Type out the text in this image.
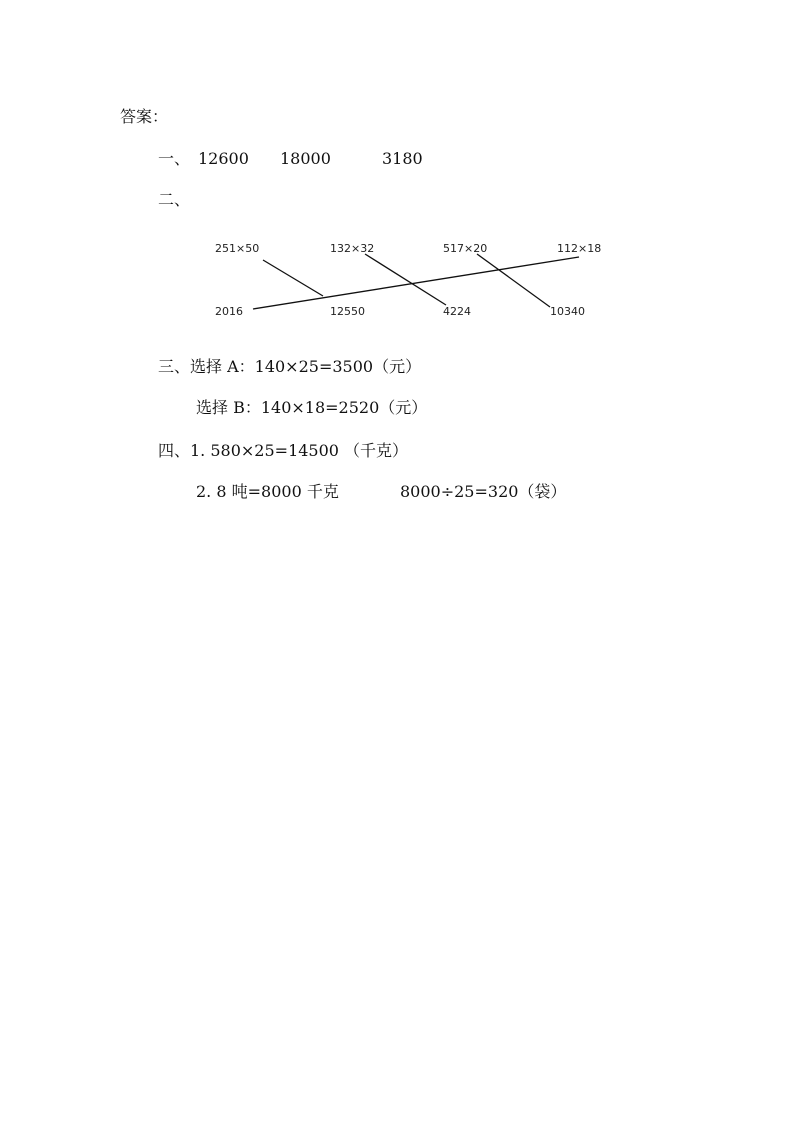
答案：
一、 12600 18000	3180
二、
251×50	132×32	517×20	112×18
2016	12550	4224	10340
三、选择 A：140×25=3500（元）
选择 B：140×18=2520（元）
四、1. 580×25=14500 （千克）
2. 8 吨=8000 千克	8000÷25=320（袋）
